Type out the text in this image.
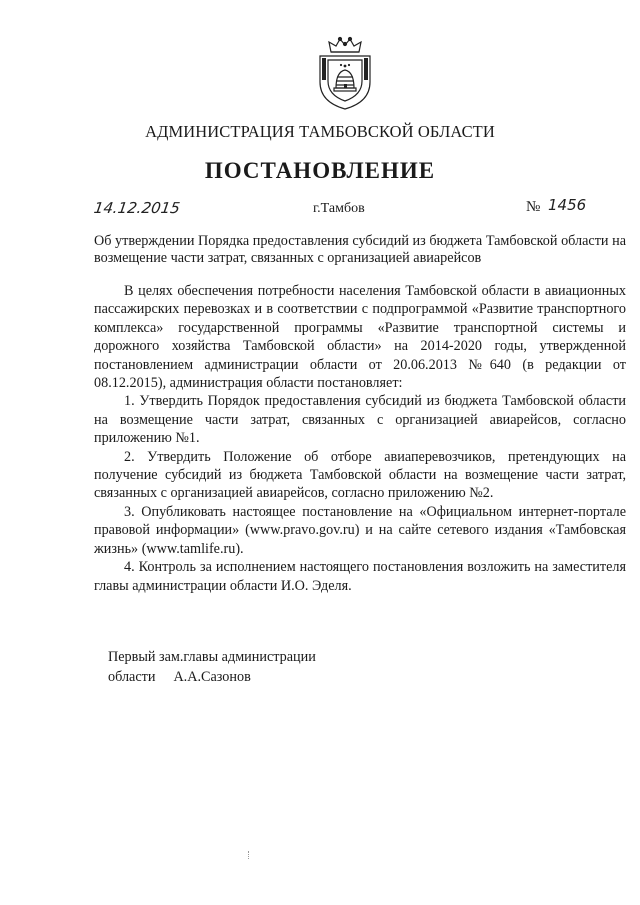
АДМИНИСТРАЦИЯ ТАМБОВСКОЙ ОБЛАСТИ
ПОСТАНОВЛЕНИЕ
14.12.2015	г.Тамбов	№ 1456
Об утверждении Порядка предоставления субсидий из бюджета Тамбовской области на возмещение части затрат, связанных с организацией авиарейсов

В целях обеспечения потребности населения Тамбовской области в авиационных пассажирских перевозках и в соответствии с подпрограммой «Развитие транспортного комплекса» государственной программы «Развитие транспортной системы и дорожного хозяйства Тамбовской области» на 2014-2020 годы, утвержденной постановлением администрации области от 20.06.2013 №640 (в редакции от 08.12.2015), администрация области постановляет:

1. Утвердить Порядок предоставления субсидий из бюджета Тамбовской области на возмещение части затрат, связанных с организацией авиарейсов, согласно приложению №1.

2. Утвердить Положение об отборе авиаперевозчиков, претендующих на получение субсидий из бюджета Тамбовской области на возмещение части затрат, связанных с организацией авиарейсов, согласно приложению №2.

3. Опубликовать настоящее постановление на «Официальном интернет-портале правовой информации» (www.pravo.gov.ru) и на сайте сетевого издания «Тамбовская жизнь» (www.tamlife.ru).

4. Контроль за исполнением настоящего постановления возложить на заместителя главы администрации области И.О. Эделя.

Первый зам.главы администрации
области А.А.Сазонов
